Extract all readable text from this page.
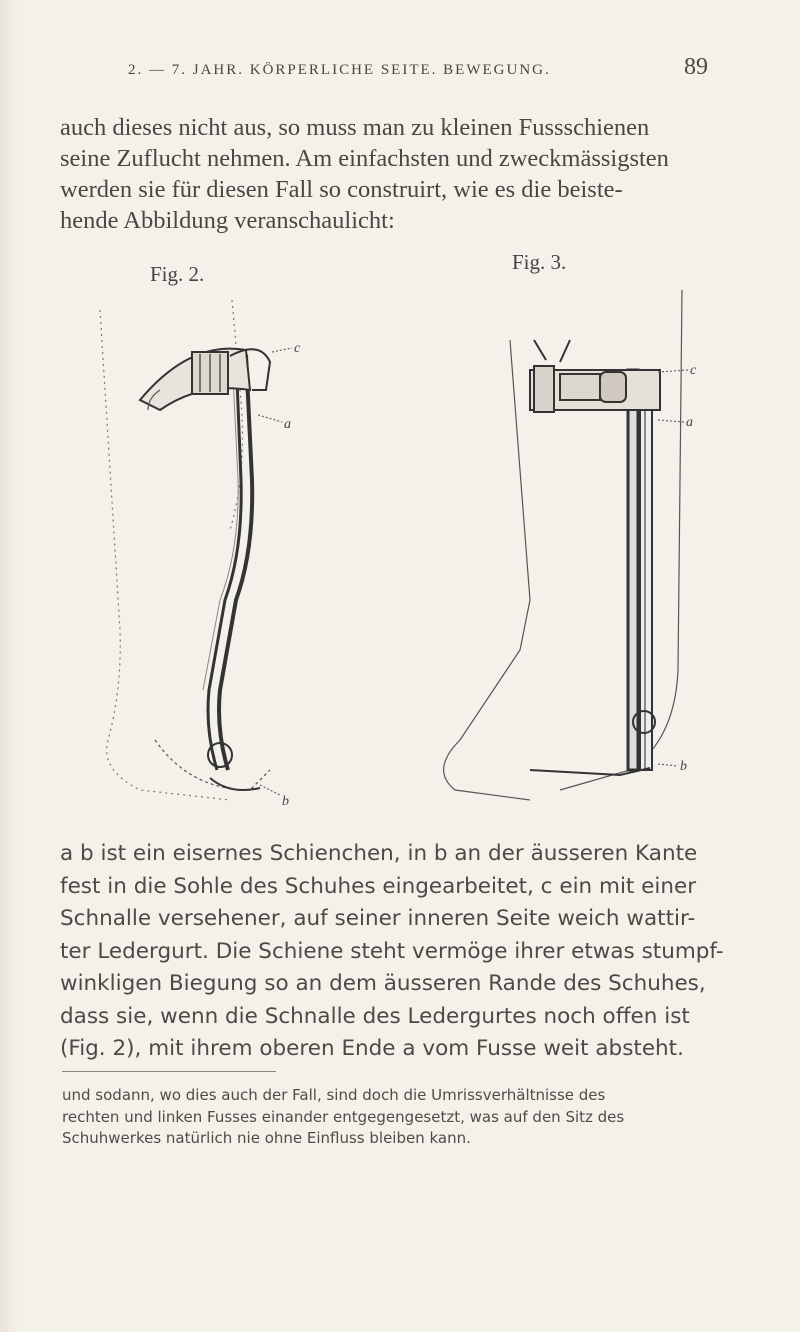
2. — 7. JAHR. KÖRPERLICHE SEITE. BEWEGUNG.	89
auch dieses nicht aus, so muss man zu kleinen Fussschienen
seine Zuflucht nehmen. Am einfachsten und zweckmässigsten
werden sie für diesen Fall so construirt, wie es die beiste-
hende Abbildung veranschaulicht:
Fig. 2.	Fig. 3.
c
a
b
c
a
b
a b ist ein eisernes Schienchen, in b an der äusseren Kante
fest in die Sohle des Schuhes eingearbeitet, c ein mit einer
Schnalle versehener, auf seiner inneren Seite weich wattir-
ter Ledergurt. Die Schiene steht vermöge ihrer etwas stumpf-
winkligen Biegung so an dem äusseren Rande des Schuhes,
dass sie, wenn die Schnalle des Ledergurtes noch offen ist
(Fig. 2), mit ihrem oberen Ende a vom Fusse weit absteht.
und sodann, wo dies auch der Fall, sind doch die Umrissverhältnisse des
rechten und linken Fusses einander entgegengesetzt, was auf den Sitz des
Schuhwerkes natürlich nie ohne Einfluss bleiben kann.
